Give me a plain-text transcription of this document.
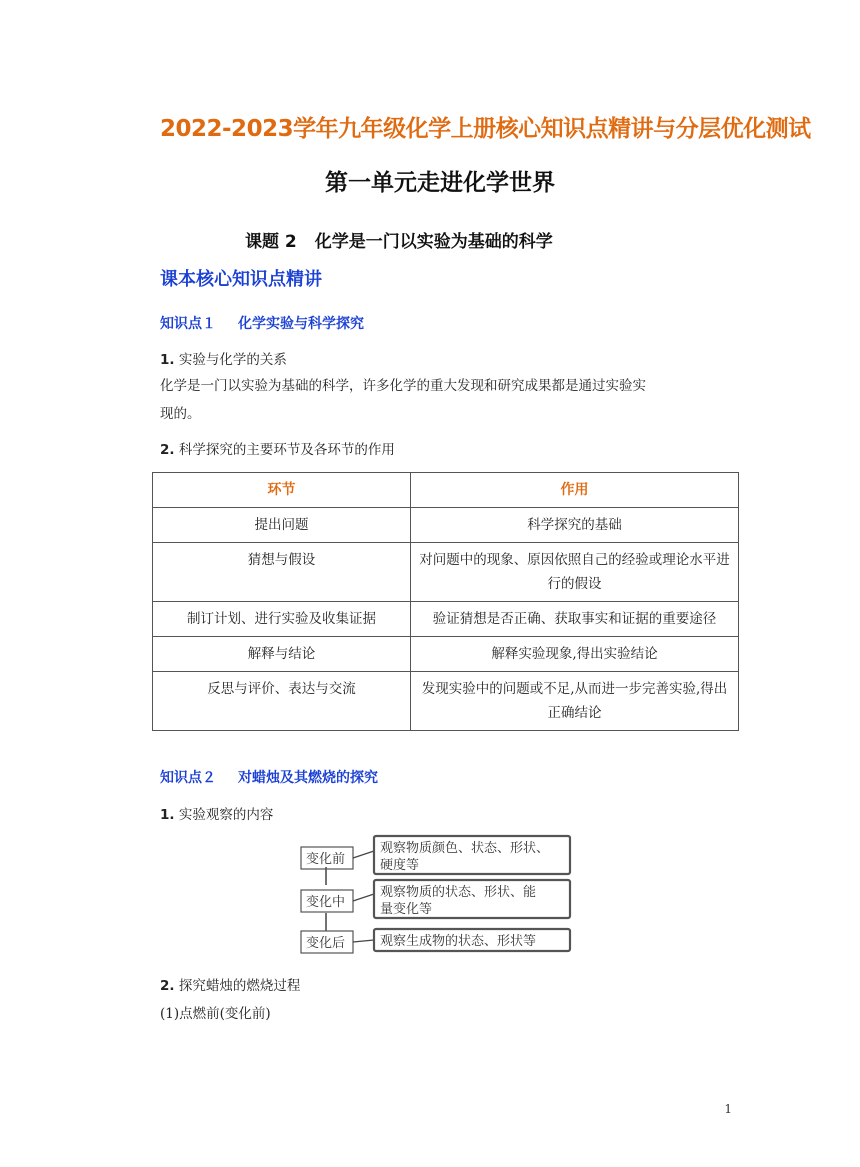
2022-2023学年九年级化学上册核心知识点精讲与分层优化测试
第一单元走进化学世界
课题 2 化学是一门以实验为基础的科学
课本核心知识点精讲
知识点１ 化学实验与科学探究
1. 实验与化学的关系
化学是一门以实验为基础的科学，许多化学的重大发现和研究成果都是通过实验实
现的。
2. 科学探究的主要环节及各环节的作用
环节	作用
提出问题	科学探究的基础
猜想与假设	对问题中的现象、原因依照自己的经验或理论水平进行的假设
制订计划、进行实验及收集证据	验证猜想是否正确、获取事实和证据的重要途径
解释与结论	解释实验现象,得出实验结论
反思与评价、表达与交流	发现实验中的问题或不足,从而进一步完善实验,得出正确结论
知识点２ 对蜡烛及其燃烧的探究
1. 实验观察的内容
变化前
变化中
变化后
观察物质颜色、状态、形状、
硬度等
观察物质的状态、形状、能
量变化等
观察生成物的状态、形状等
2. 探究蜡烛的燃烧过程
(1)点燃前(变化前)
1
